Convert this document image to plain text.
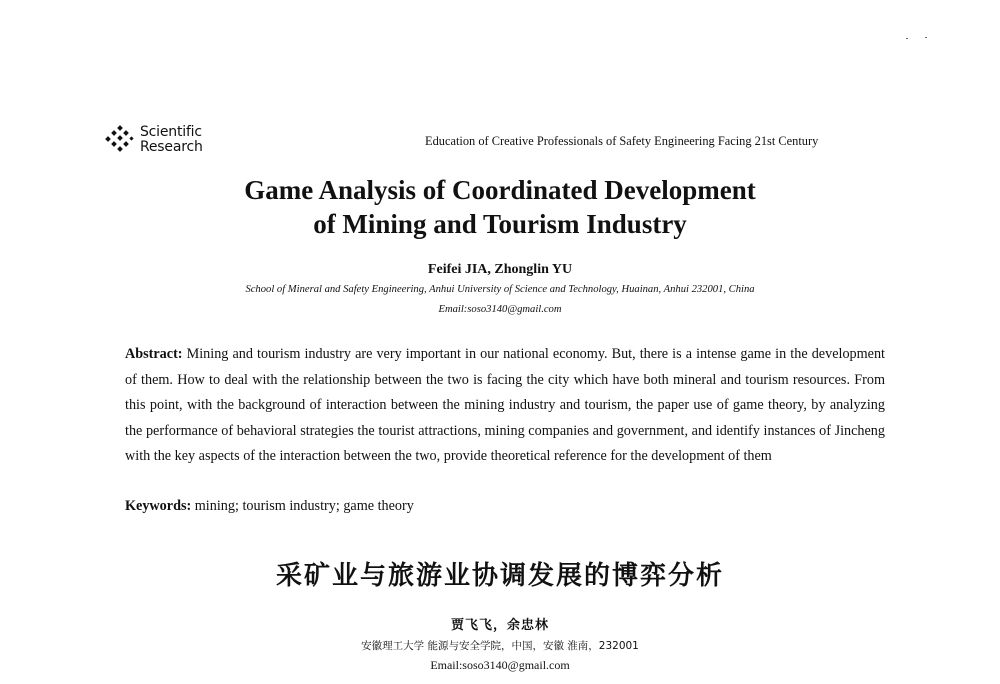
Scientific
Research	Education of Creative Professionals of Safety Engineering Facing 21st Century
Game Analysis of Coordinated Development
of Mining and Tourism Industry
Feifei JIA, Zhonglin YU
School of Mineral and Safety Engineering, Anhui University of Science and Technology, Huainan, Anhui 232001, China
Email:soso3140@gmail.com

Abstract: Mining and tourism industry are very important in our national economy. But, there is a intense game in the development of them. How to deal with the relationship between the two is facing the city which have both mineral and tourism resources. From this point, with the background of interaction between the mining industry and tourism, the paper use of game theory, by analyzing the performance of behavioral strategies the tourist attractions, mining companies and government, and identify instances of Jincheng with the key aspects of the interaction between the two, provide theoretical reference for the development of them

Keywords: mining; tourism industry; game theory

采矿业与旅游业协调发展的博弈分析
贾飞飞，余忠林
安徽理工大学 能源与安全学院，中国，安徽 淮南，232001
Email:soso3140@gmail.com
